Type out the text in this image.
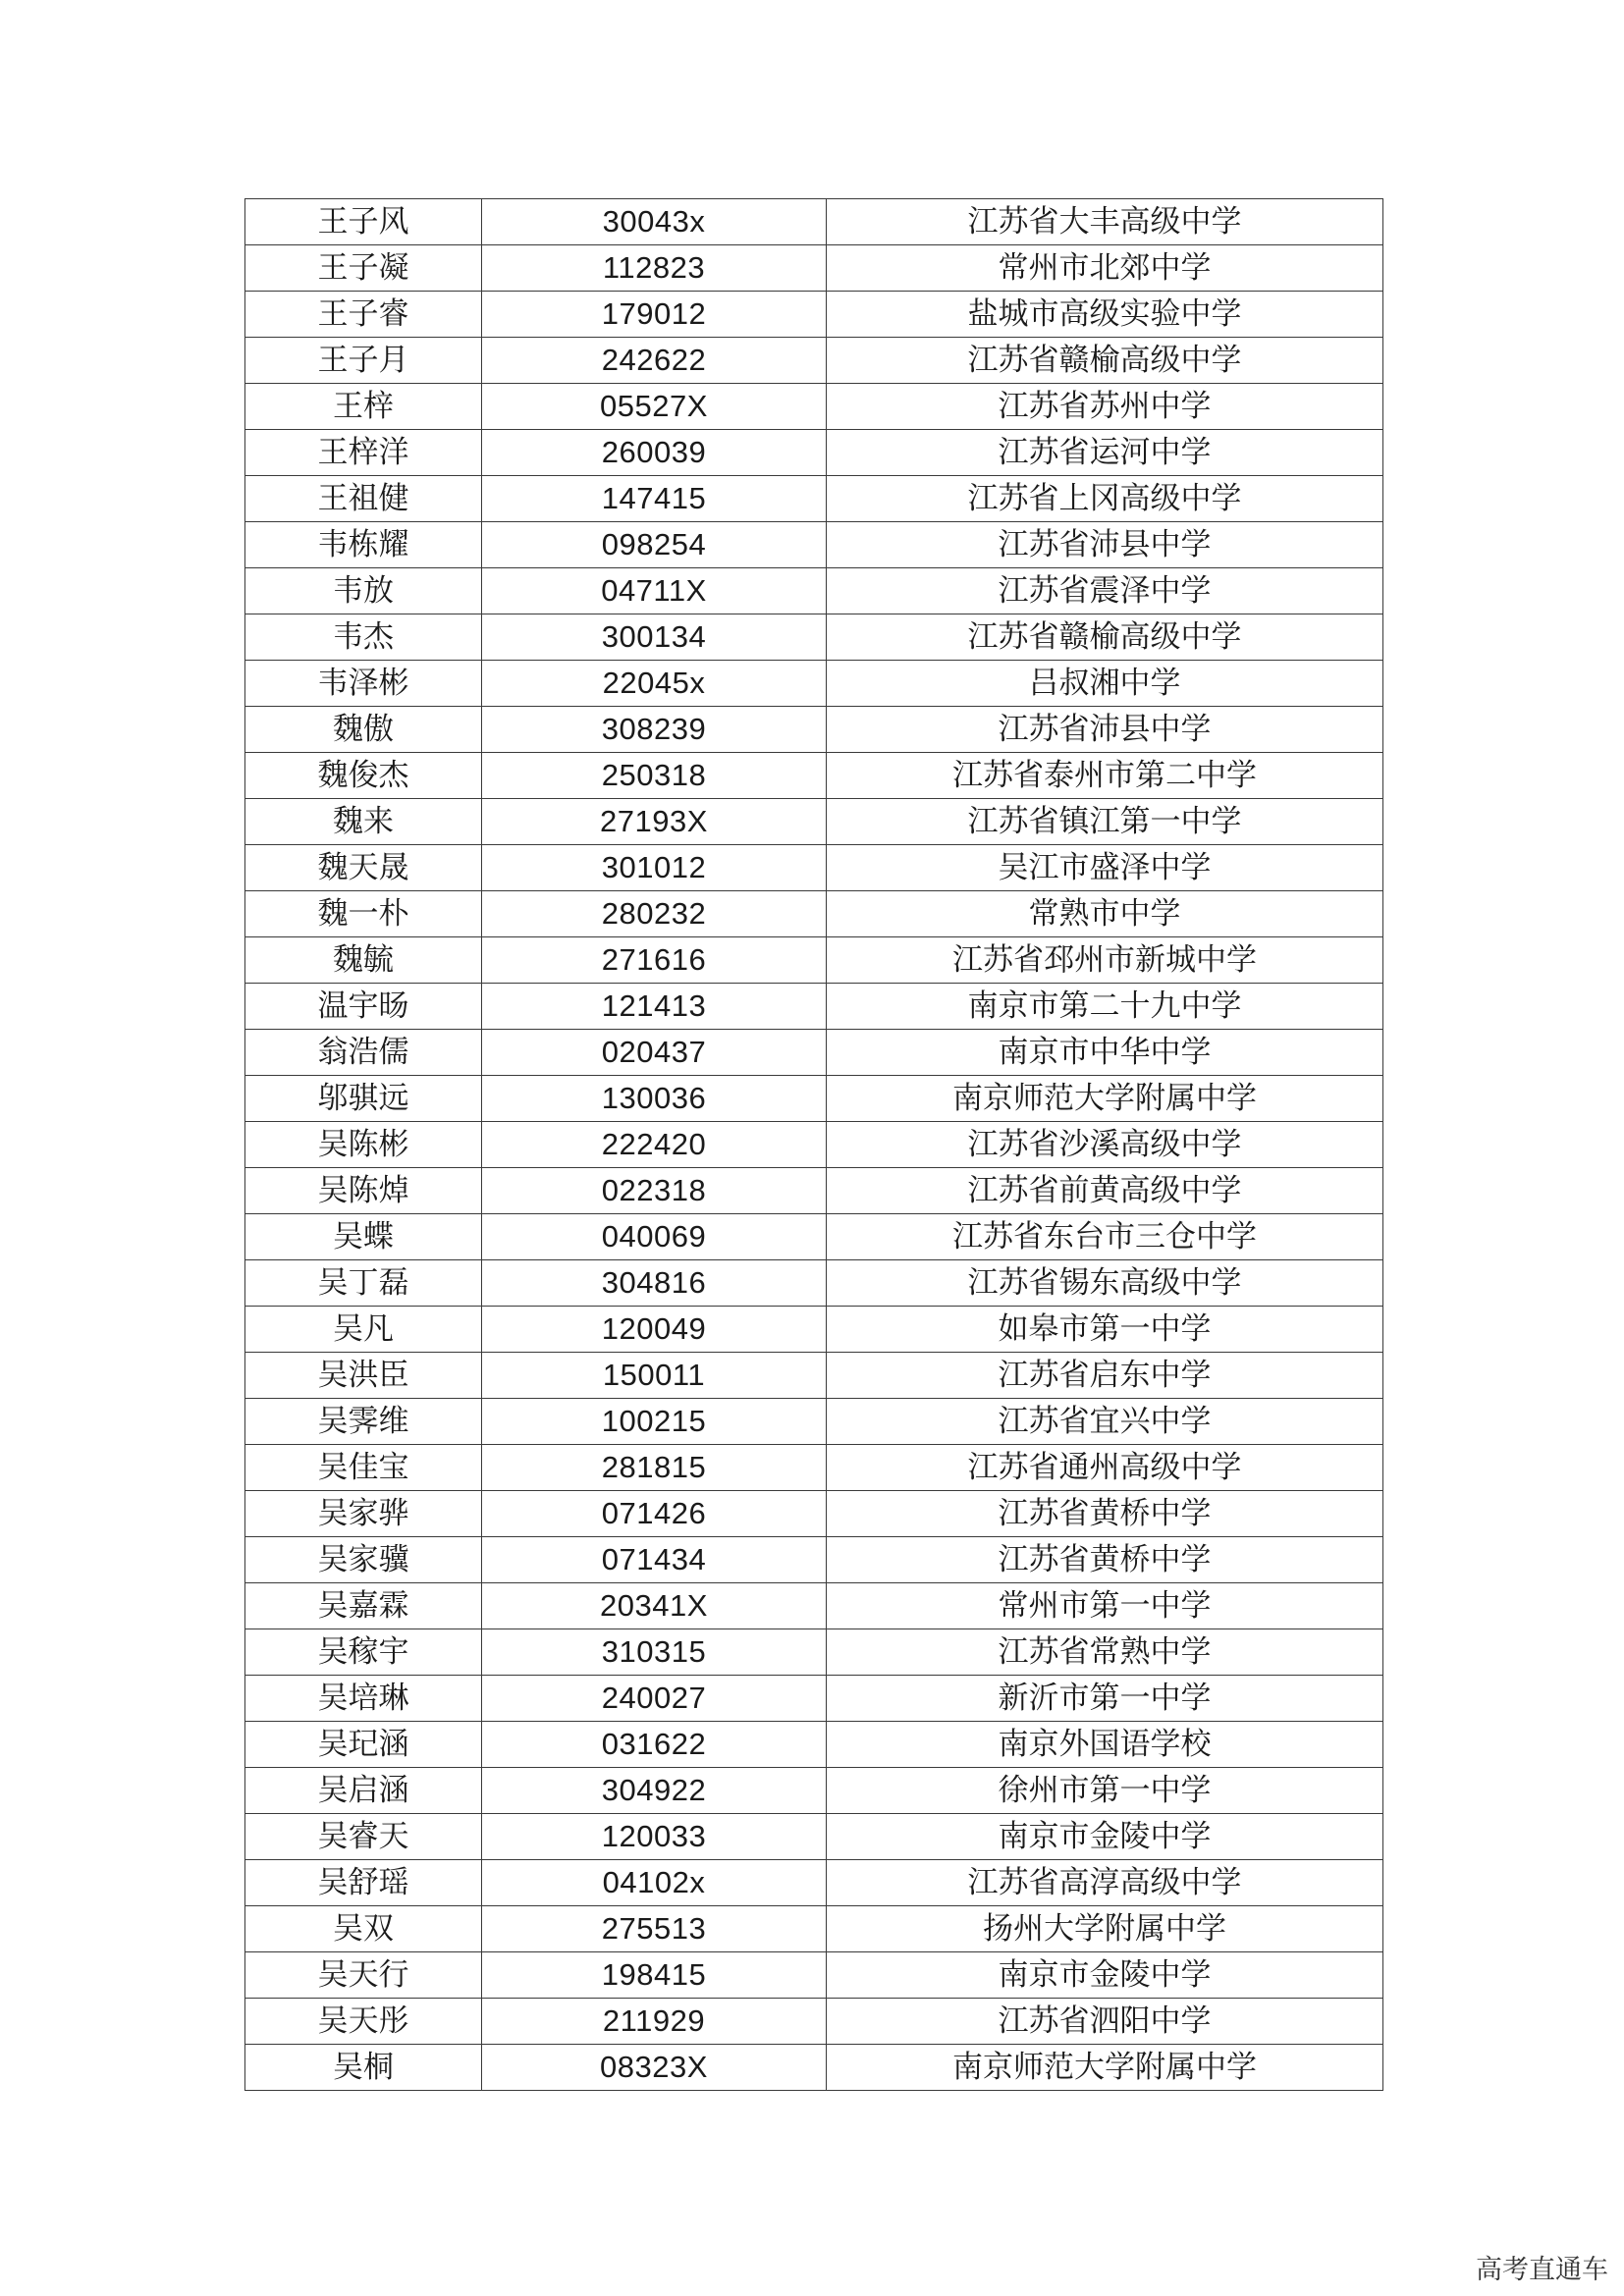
王子风	30043x	江苏省大丰高级中学
王子凝	112823	常州市北郊中学
王子睿	179012	盐城市高级实验中学
王子月	242622	江苏省赣榆高级中学
王梓	05527X	江苏省苏州中学
王梓洋	260039	江苏省运河中学
王祖健	147415	江苏省上冈高级中学
韦栋耀	098254	江苏省沛县中学
韦放	04711X	江苏省震泽中学
韦杰	300134	江苏省赣榆高级中学
韦泽彬	22045x	吕叔湘中学
魏傲	308239	江苏省沛县中学
魏俊杰	250318	江苏省泰州市第二中学
魏来	27193X	江苏省镇江第一中学
魏天晟	301012	吴江市盛泽中学
魏一朴	280232	常熟市中学
魏毓	271616	江苏省邳州市新城中学
温宇旸	121413	南京市第二十九中学
翁浩儒	020437	南京市中华中学
邬骐远	130036	南京师范大学附属中学
吴陈彬	222420	江苏省沙溪高级中学
吴陈焯	022318	江苏省前黄高级中学
吴蝶	040069	江苏省东台市三仓中学
吴丁磊	304816	江苏省锡东高级中学
吴凡	120049	如皋市第一中学
吴洪臣	150011	江苏省启东中学
吴霁维	100215	江苏省宜兴中学
吴佳宝	281815	江苏省通州高级中学
吴家骅	071426	江苏省黄桥中学
吴家骥	071434	江苏省黄桥中学
吴嘉霖	20341X	常州市第一中学
吴稼宇	310315	江苏省常熟中学
吴培琳	240027	新沂市第一中学
吴玘涵	031622	南京外国语学校
吴启涵	304922	徐州市第一中学
吴睿天	120033	南京市金陵中学
吴舒瑶	04102x	江苏省高淳高级中学
吴双	275513	扬州大学附属中学
吴天行	198415	南京市金陵中学
吴天彤	211929	江苏省泗阳中学
吴桐	08323X	南京师范大学附属中学
高考直通车
